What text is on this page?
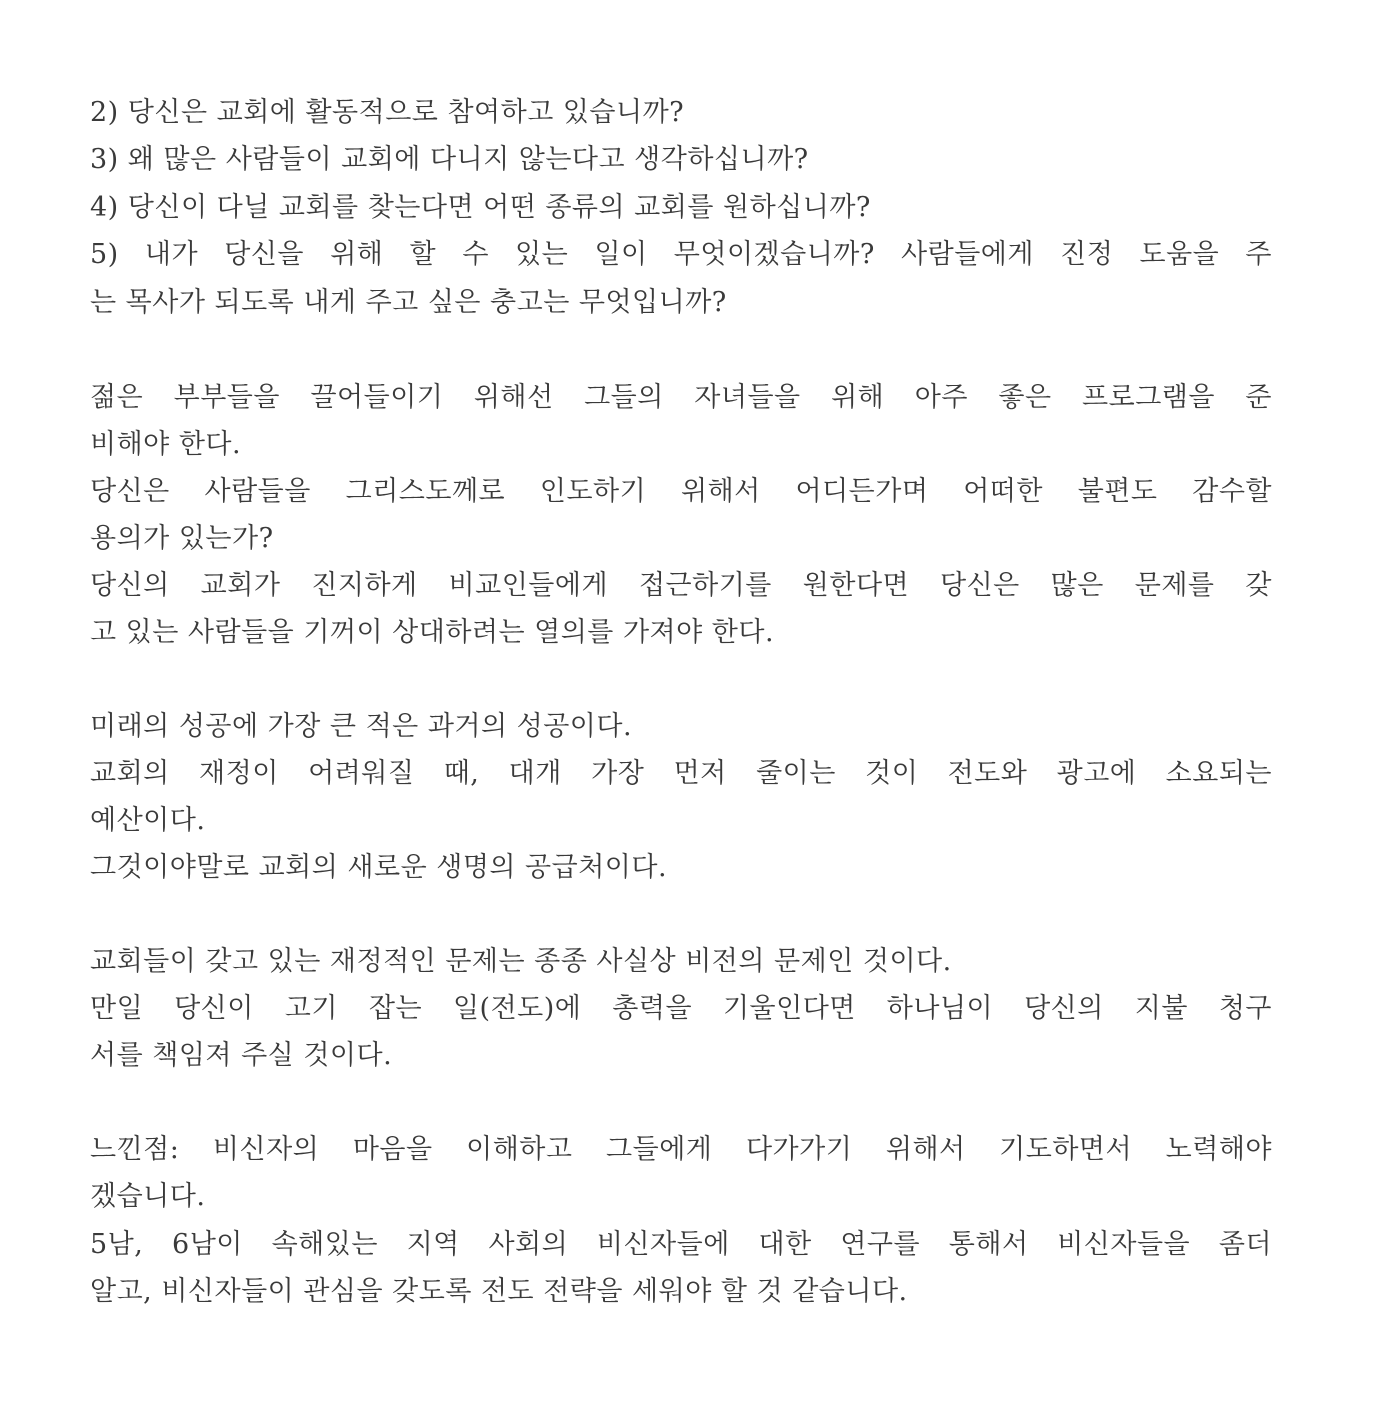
2) 당신은 교회에 활동적으로 참여하고 있습니까?
3) 왜 많은 사람들이 교회에 다니지 않는다고 생각하십니까?
4) 당신이 다닐 교회를 찾는다면 어떤 종류의 교회를 원하십니까?
5) 내가 당신을 위해 할 수 있는 일이 무엇이겠습니까? 사람들에게 진정 도움을 주
는 목사가 되도록 내게 주고 싶은 충고는 무엇입니까?
젊은 부부들을 끌어들이기 위해선 그들의 자녀들을 위해 아주 좋은 프로그램을 준
비해야 한다.
당신은 사람들을 그리스도께로 인도하기 위해서 어디든가며 어떠한 불편도 감수할
용의가 있는가?
당신의 교회가 진지하게 비교인들에게 접근하기를 원한다면 당신은 많은 문제를 갖
고 있는 사람들을 기꺼이 상대하려는 열의를 가져야 한다.
미래의 성공에 가장 큰 적은 과거의 성공이다.
교회의 재정이 어려워질 때, 대개 가장 먼저 줄이는 것이 전도와 광고에 소요되는
예산이다.
그것이야말로 교회의 새로운 생명의 공급처이다.
교회들이 갖고 있는 재정적인 문제는 종종 사실상 비전의 문제인 것이다.
만일 당신이 고기 잡는 일(전도)에 총력을 기울인다면 하나님이 당신의 지불 청구
서를 책임져 주실 것이다.
느낀점: 비신자의 마음을 이해하고 그들에게 다가가기 위해서 기도하면서 노력해야
겠습니다.
5남, 6남이 속해있는 지역 사회의 비신자들에 대한 연구를 통해서 비신자들을 좀더
알고, 비신자들이 관심을 갖도록 전도 전략을 세워야 할 것 같습니다.
